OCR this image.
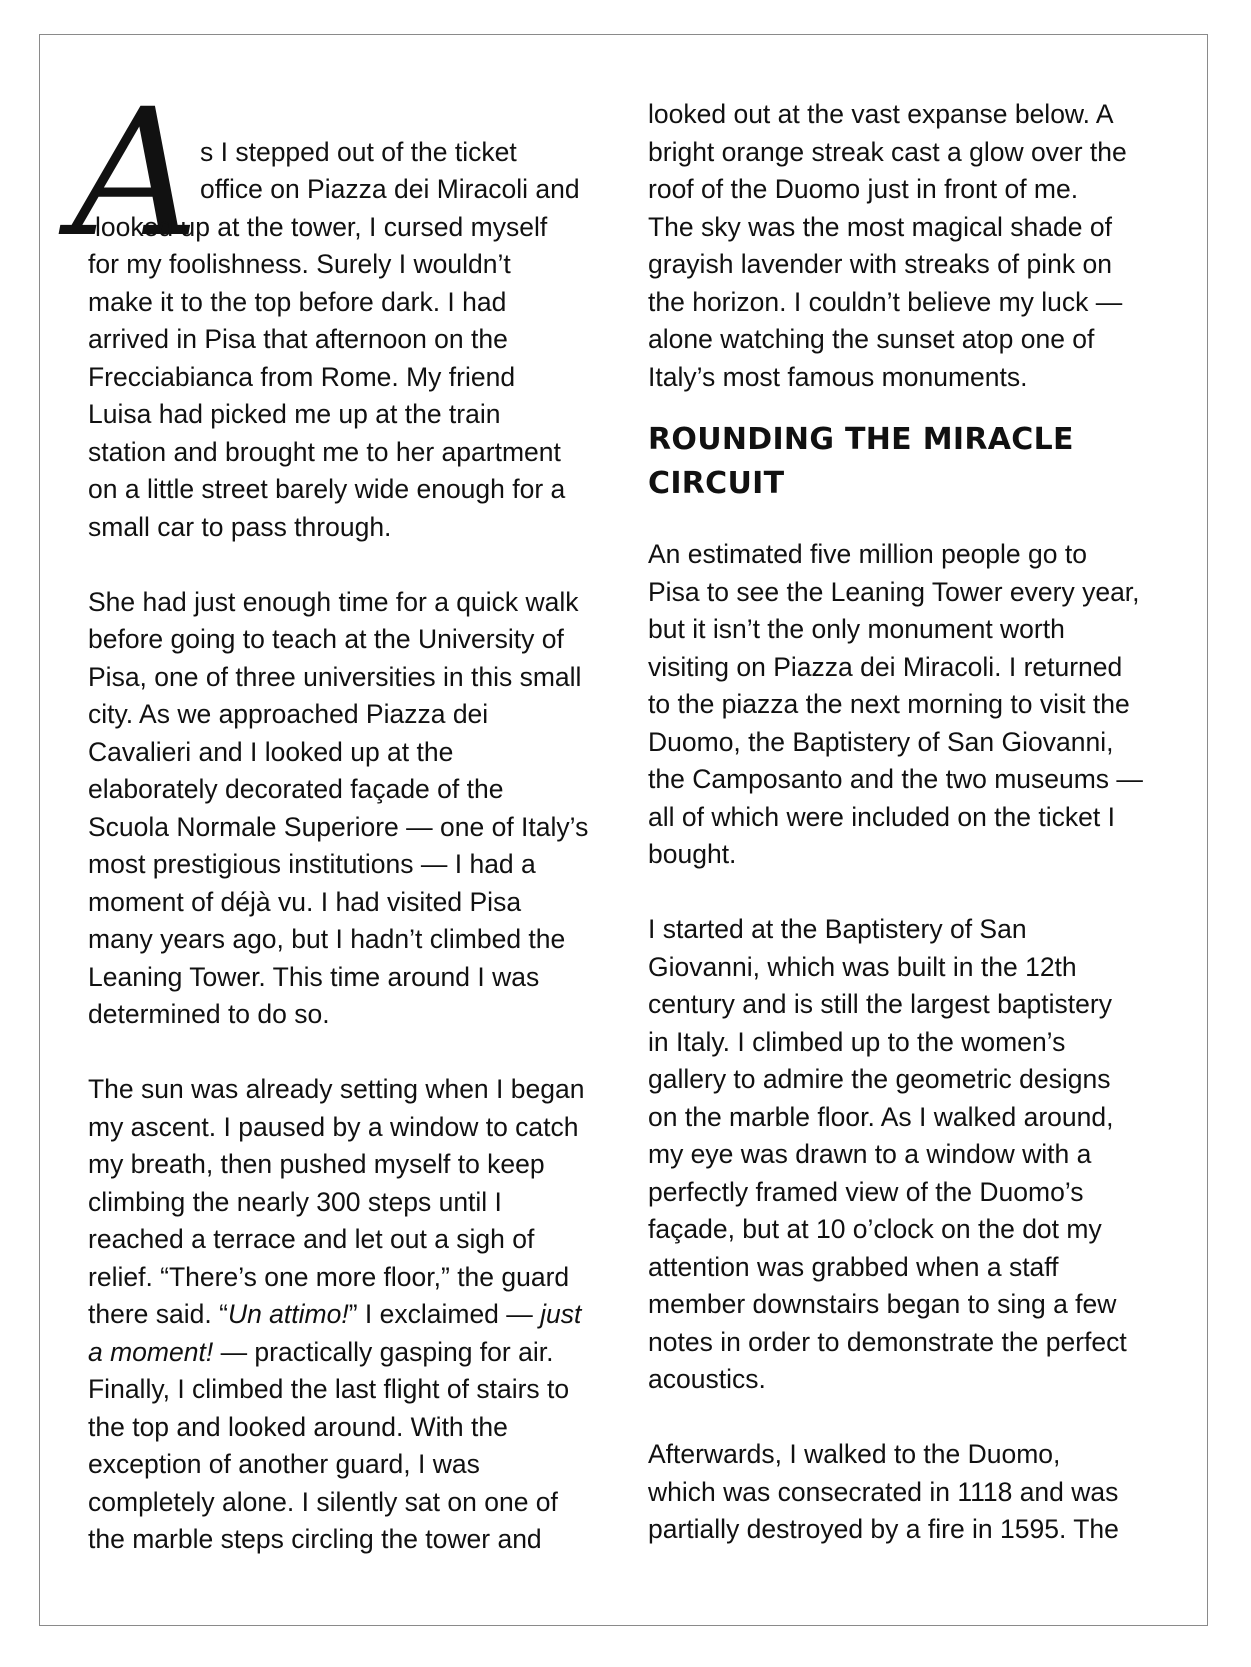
A
s I stepped out of the ticket
office on Piazza dei Miracoli and
looked up at the tower, I cursed myself
for my foolishness. Surely I wouldn’t
make it to the top before dark. I had
arrived in Pisa that afternoon on the
Frecciabianca from Rome. My friend
Luisa had picked me up at the train
station and brought me to her apartment
on a little street barely wide enough for a
small car to pass through.
She had just enough time for a quick walk
before going to teach at the University of
Pisa, one of three universities in this small
city. As we approached Piazza dei
Cavalieri and I looked up at the
elaborately decorated façade of the
Scuola Normale Superiore — one of Italy’s
most prestigious institutions — I had a
moment of déjà vu. I had visited Pisa
many years ago, but I hadn’t climbed the
Leaning Tower. This time around I was
determined to do so.
The sun was already setting when I began
my ascent. I paused by a window to catch
my breath, then pushed myself to keep
climbing the nearly 300 steps until I
reached a terrace and let out a sigh of
relief. “There’s one more floor,” the guard
there said. “Un attimo!” I exclaimed — just
a moment! — practically gasping for air.
Finally, I climbed the last flight of stairs to
the top and looked around. With the
exception of another guard, I was
completely alone. I silently sat on one of
the marble steps circling the tower and
looked out at the vast expanse below. A
bright orange streak cast a glow over the
roof of the Duomo just in front of me.
The sky was the most magical shade of
grayish lavender with streaks of pink on
the horizon. I couldn’t believe my luck —
alone watching the sunset atop one of
Italy’s most famous monuments.
ROUNDING THE MIRACLE
CIRCUIT
An estimated five million people go to
Pisa to see the Leaning Tower every year,
but it isn’t the only monument worth
visiting on Piazza dei Miracoli. I returned
to the piazza the next morning to visit the
Duomo, the Baptistery of San Giovanni,
the Camposanto and the two museums —
all of which were included on the ticket I
bought.
I started at the Baptistery of San
Giovanni, which was built in the 12th
century and is still the largest baptistery
in Italy. I climbed up to the women’s
gallery to admire the geometric designs
on the marble floor. As I walked around,
my eye was drawn to a window with a
perfectly framed view of the Duomo’s
façade, but at 10 o’clock on the dot my
attention was grabbed when a staff
member downstairs began to sing a few
notes in order to demonstrate the perfect
acoustics.
Afterwards, I walked to the Duomo,
which was consecrated in 1118 and was
partially destroyed by a fire in 1595. The
